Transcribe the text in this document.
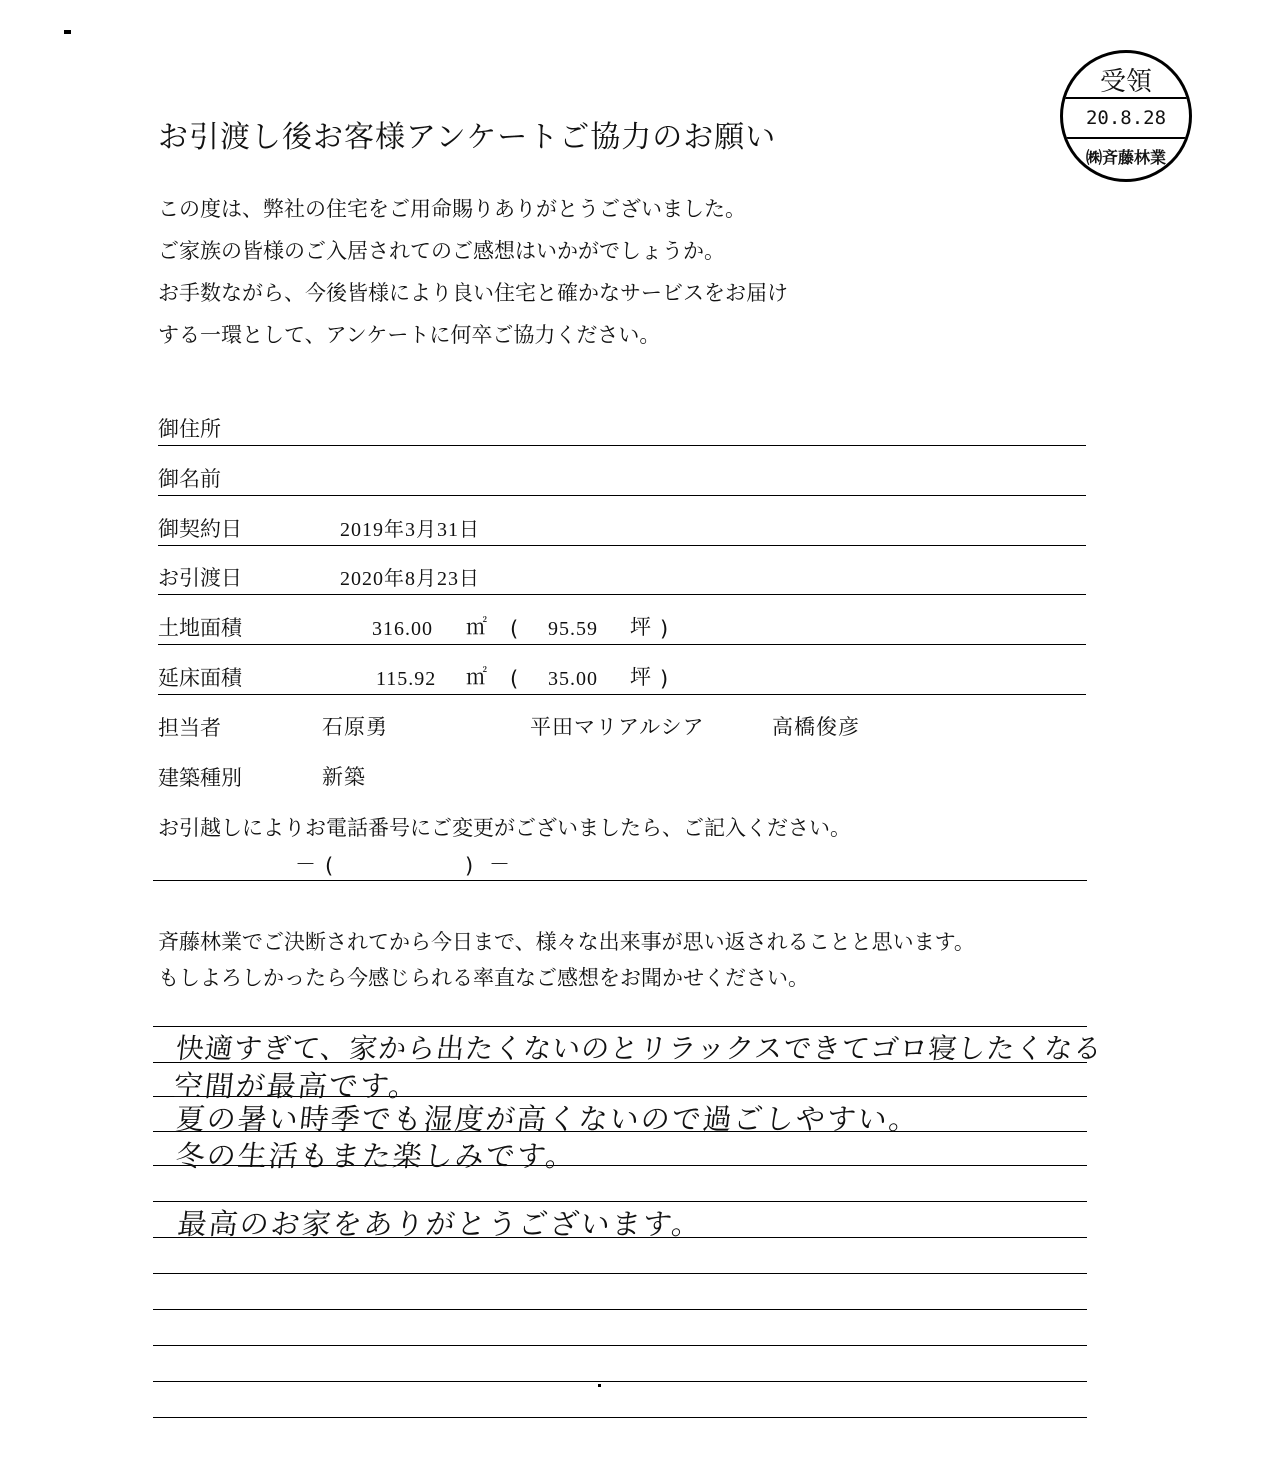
お引渡し後お客様アンケートご協力のお願い
この度は、弊社の住宅をご用命賜りありがとうございました。
ご家族の皆様のご入居されてのご感想はいかがでしょうか。
お手数ながら、今後皆様により良い住宅と確かなサービスをお届け
する一環として、アンケートに何卒ご協力ください。
受領
20.8.28
㈱斉藤林業
御住所
御名前
御契約日	2019年3月31日
お引渡日	2020年8月23日
土地面積	316.00 ㎡ ( 95.59 坪 )
延床面積	115.92 ㎡ ( 35.00 坪 )
担当者	石原勇	平田マリアルシア	高橋俊彦
建築種別	新築
お引越しによりお電話番号にご変更がございましたら、ご記入ください。
－ (	) －
斉藤林業でご決断されてから今日まで、様々な出来事が思い返されることと思います。
もしよろしかったら今感じられる率直なご感想をお聞かせください。
快適すぎて、家から出たくないのとリラックスできてゴロ寝したくなる
空間が最高です。
夏の暑い時季でも湿度が高くないので過ごしやすい。
冬の生活もまた楽しみです。
最高のお家をありがとうございます。
